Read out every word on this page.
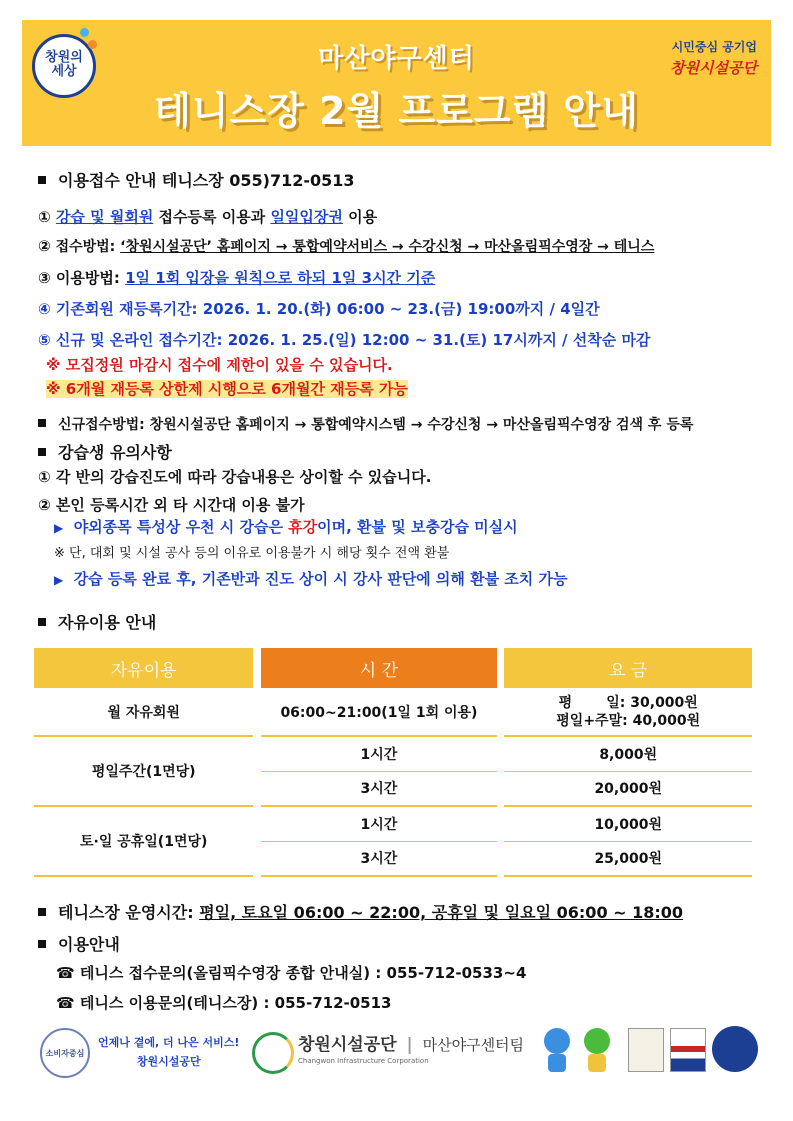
창원의
세상	마산야구센터
테니스장 2월 프로그램 안내
시민중심 공기업
창원시설공단
이용접수 안내 테니스장 055)712-0513
① 강습 및 월회원 접수등록 이용과 일일입장권 이용
② 접수방법: ‘창원시설공단’ 홈페이지 → 통합예약서비스 → 수강신청 → 마산올림픽수영장 → 테니스
③ 이용방법: 1일 1회 입장을 원칙으로 하되 1일 3시간 기준
④ 기존회원 재등록기간: 2026. 1. 20.(화) 06:00 ~ 23.(금) 19:00까지 / 4일간
⑤ 신규 및 온라인 접수기간: 2026. 1. 25.(일) 12:00 ~ 31.(토) 17시까지 / 선착순 마감
※ 모집정원 마감시 접수에 제한이 있을 수 있습니다.
※ 6개월 재등록 상한제 시행으로 6개월간 재등록 가능
신규접수방법: 창원시설공단 홈페이지 → 통합예약시스템 → 수강신청 → 마산올림픽수영장 검색 후 등록
강습생 유의사항
① 각 반의 강습진도에 따라 강습내용은 상이할 수 있습니다.
② 본인 등록시간 외 타 시간대 이용 불가
▶ 야외종목 특성상 우천 시 강습은 휴강이며, 환불 및 보충강습 미실시
※ 단, 대회 및 시설 공사 등의 이유로 이용불가 시 해당 횟수 전액 환불
▶ 강습 등록 완료 후, 기존반과 진도 상이 시 강사 판단에 의해 환불 조치 가능
자유이용 안내
자유이용		시 간		요 금
월 자유회원		06:00~21:00(1일 1회 이용)		평       일: 30,000원
평일+주말: 40,000원

평일주간(1면당)		1시간		8,000원
		3시간		20,000원
토·일 공휴일(1면당)		1시간		10,000원
		3시간		25,000원
테니스장 운영시간: 평일, 토요일 06:00 ~ 22:00, 공휴일 및 일요일 06:00 ~ 18:00
이용안내
☎ 테니스 접수문의(올림픽수영장 종합 안내실) : 055-712-0533~4
☎ 테니스 이용문의(테니스장) : 055-712-0513
소비자중심
언제나 곁에, 더 나은 서비스!
창원시설공단
창원시설공단 | 마산야구센터팀
Changwon Infrastructure Corporation
